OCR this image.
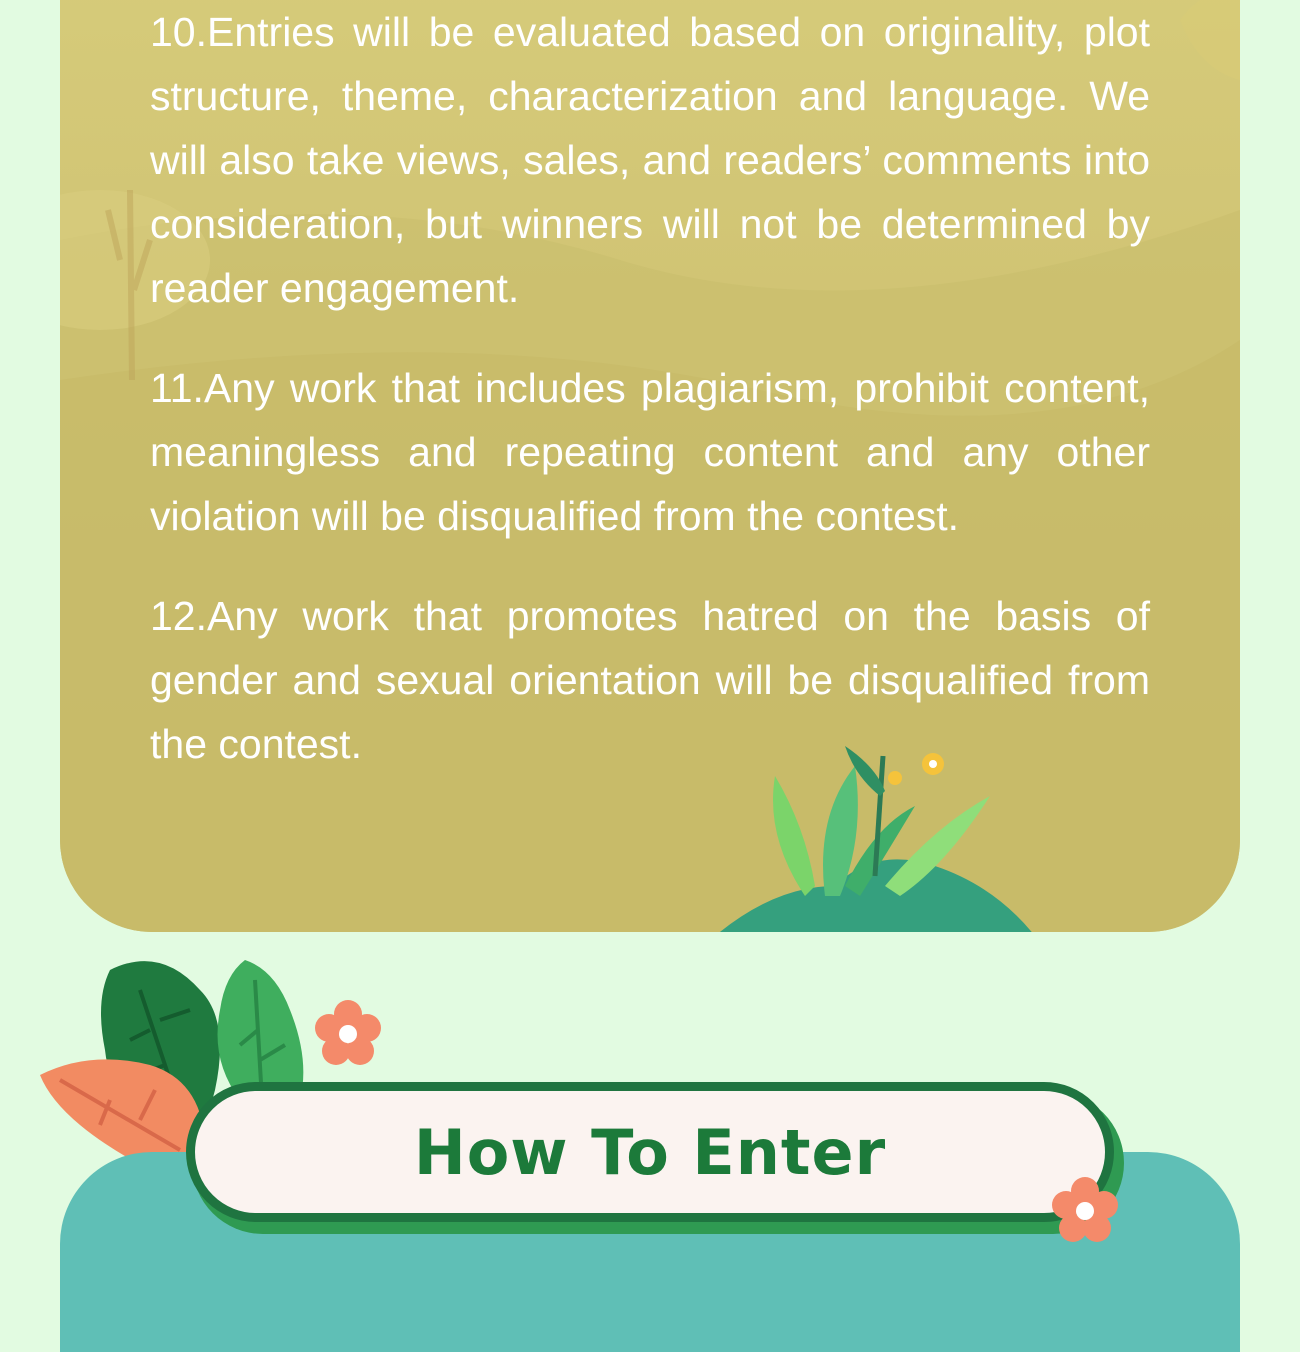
10.Entries will be evaluated based on originality, plot structure, theme, characterization and language. We will also take views, sales, and readers’ comments into consideration, but winners will not be determined by reader engagement.
11.Any work that includes plagiarism, prohibit content, meaningless and repeating content and any other violation will be disqualified from the contest.
12.Any work that promotes hatred on the basis of gender and sexual orientation will be disqualified from the contest.
How To Enter
